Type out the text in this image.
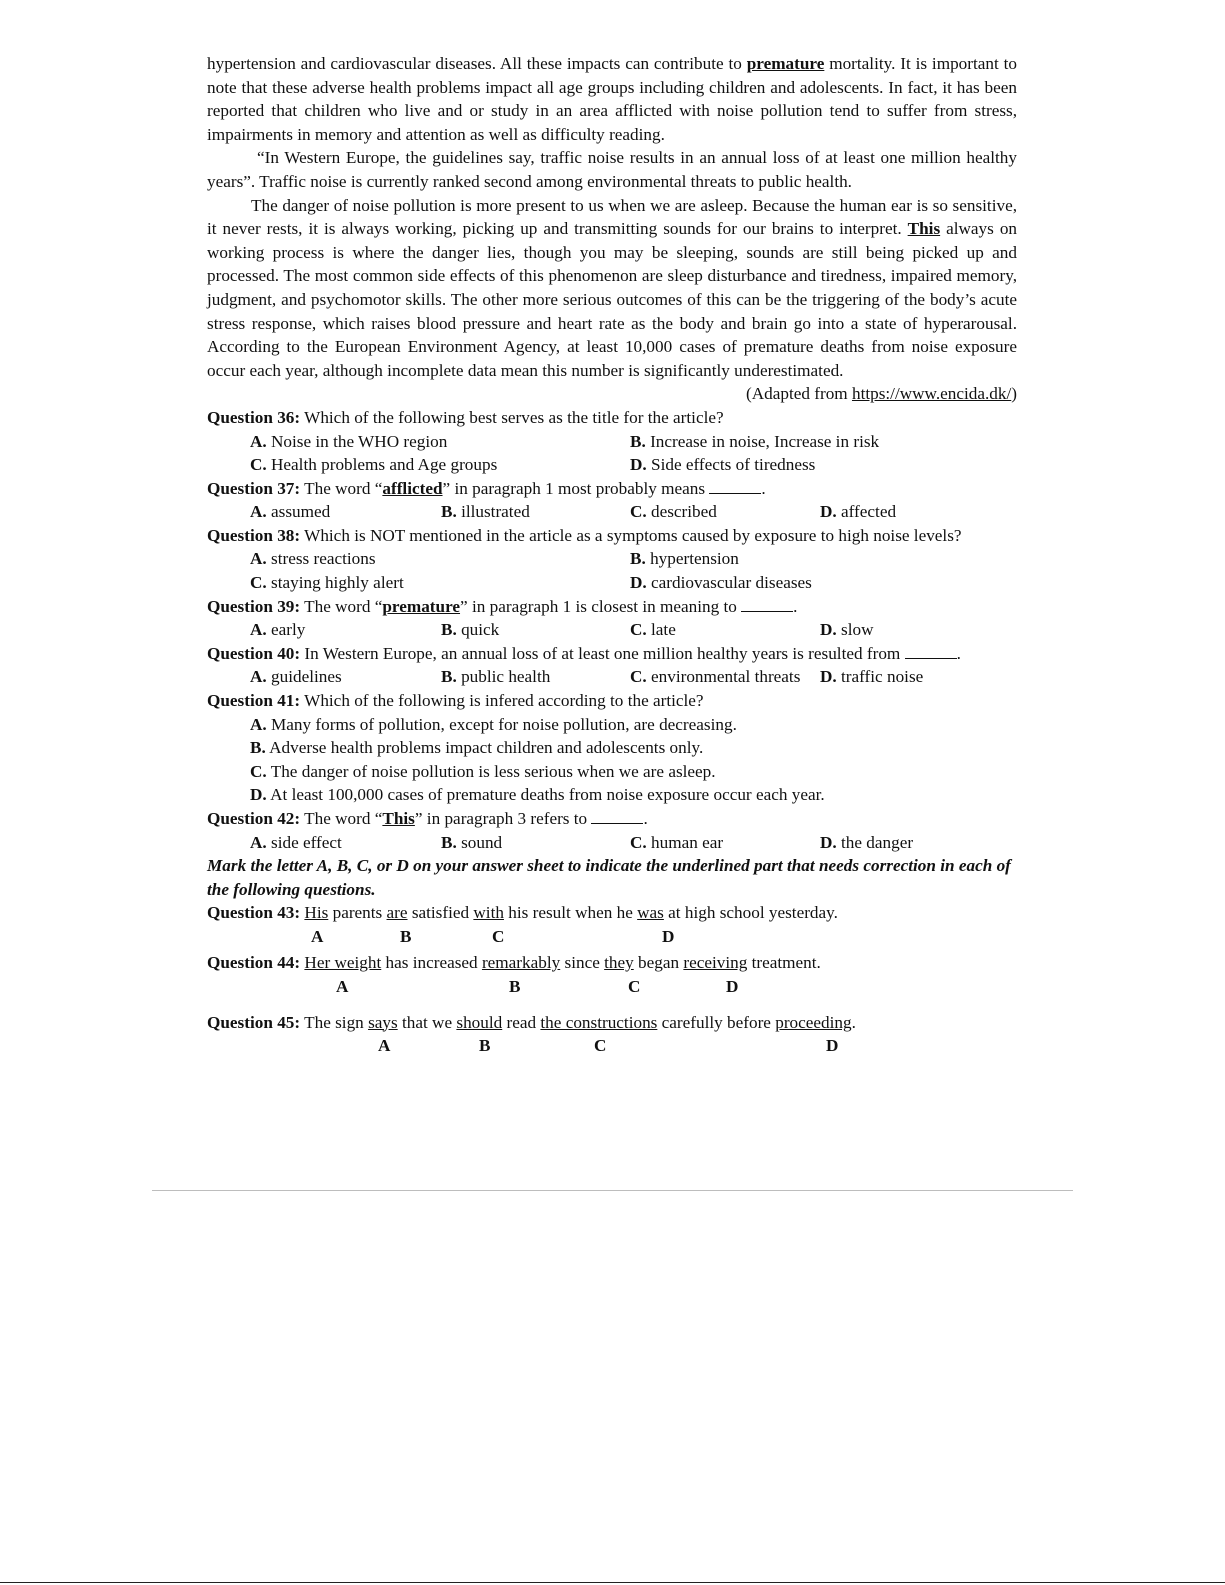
hypertension and cardiovascular diseases. All these impacts can contribute to premature mortality. It is important to note that these adverse health problems impact all age groups including children and adolescents. In fact, it has been reported that children who live and or study in an area afflicted with noise pollution tend to suffer from stress, impairments in memory and attention as well as difficulty reading.

“In Western Europe, the guidelines say, traffic noise results in an annual loss of at least one million healthy years”. Traffic noise is currently ranked second among environmental threats to public health.

The danger of noise pollution is more present to us when we are asleep. Because the human ear is so sensitive, it never rests, it is always working, picking up and transmitting sounds for our brains to interpret. This always on working process is where the danger lies, though you may be sleeping, sounds are still being picked up and processed. The most common side effects of this phenomenon are sleep disturbance and tiredness, impaired memory, judgment, and psychomotor skills. The other more serious outcomes of this can be the triggering of the body’s acute stress response, which raises blood pressure and heart rate as the body and brain go into a state of hyperarousal. According to the European Environment Agency, at least 10,000 cases of premature deaths from noise exposure occur each year, although incomplete data mean this number is significantly underestimated.

(Adapted from https://www.encida.dk/)

Question 36: Which of the following best serves as the title for the article?

A. Noise in the WHO region	B. Increase in noise, Increase in risk
C. Health problems and Age groups	D. Side effects of tiredness

Question 37: The word “afflicted” in paragraph 1 most probably means	.

A. assumed	B. illustrated	C. described	D. affected

Question 38: Which is NOT mentioned in the article as a symptoms caused by exposure to high noise levels?

A. stress reactions	B. hypertension
C. staying highly alert	D. cardiovascular diseases

Question 39: The word “premature” in paragraph 1 is closest in meaning to	.

A. early	B. quick	C. late	D. slow

Question 40: In Western Europe, an annual loss of at least one million healthy years is resulted from	.

A. guidelines	B. public health	C. environmental threats D. traffic noise

Question 41: Which of the following is infered according to the article?

A. Many forms of pollution, except for noise pollution, are decreasing.

B. Adverse health problems impact children and adolescents only.

C. The danger of noise pollution is less serious when we are asleep.

D. At least 100,000 cases of premature deaths from noise exposure occur each year.

Question 42: The word “This” in paragraph 3 refers to	.

A. side effect	B. sound	C. human ear	D. the danger

Mark the letter A, B, C, or D on your answer sheet to indicate the underlined part that needs correction in each of the following questions.

Question 43: His parents are satisfied with his result when he was at high school yesterday.

A	B	C	D

Question 44: Her weight has increased remarkably since they began receiving treatment.

A	B	C	D

Question 45: The sign says that we should read the constructions carefully before proceeding.

A	B	C	D
